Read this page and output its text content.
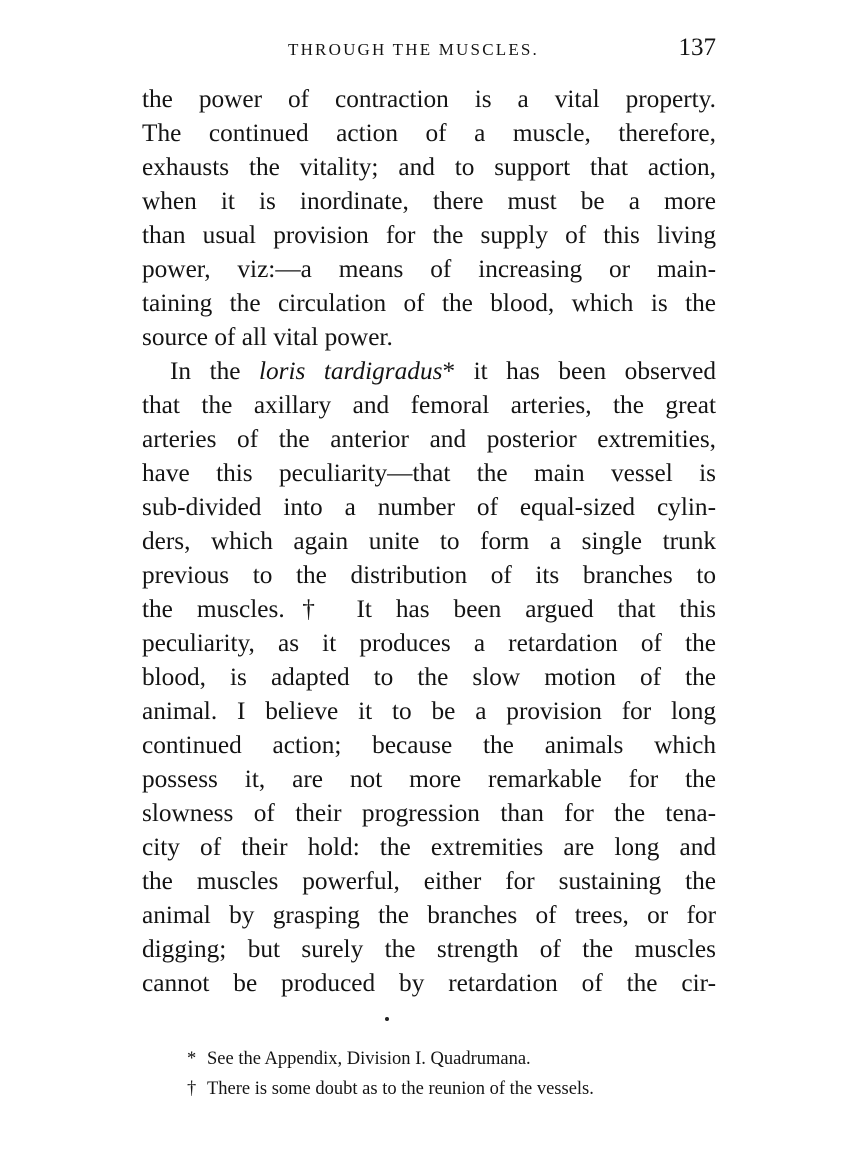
THROUGH THE MUSCLES.	137
the power of contraction is a vital property.
The continued action of a muscle, therefore,
exhausts the vitality; and to support that action,
when it is inordinate, there must be a more
than usual provision for the supply of this living
power, viz:—a means of increasing or main-
taining the circulation of the blood, which is the
source of all vital power.
In the loris tardigradus* it has been observed
that the axillary and femoral arteries, the great
arteries of the anterior and posterior extremities,
have this peculiarity—that the main vessel is
sub-divided into a number of equal-sized cylin-
ders, which again unite to form a single trunk
previous to the distribution of its branches to
the muscles.† It has been argued that this
peculiarity, as it produces a retardation of the
blood, is adapted to the slow motion of the
animal. I believe it to be a provision for long
continued action; because the animals which
possess it, are not more remarkable for the
slowness of their progression than for the tena-
city of their hold: the extremities are long and
the muscles powerful, either for sustaining the
animal by grasping the branches of trees, or for
digging; but surely the strength of the muscles
cannot be produced by retardation of the cir-
* See the Appendix, Division I. Quadrumana.
† There is some doubt as to the reunion of the vessels.
